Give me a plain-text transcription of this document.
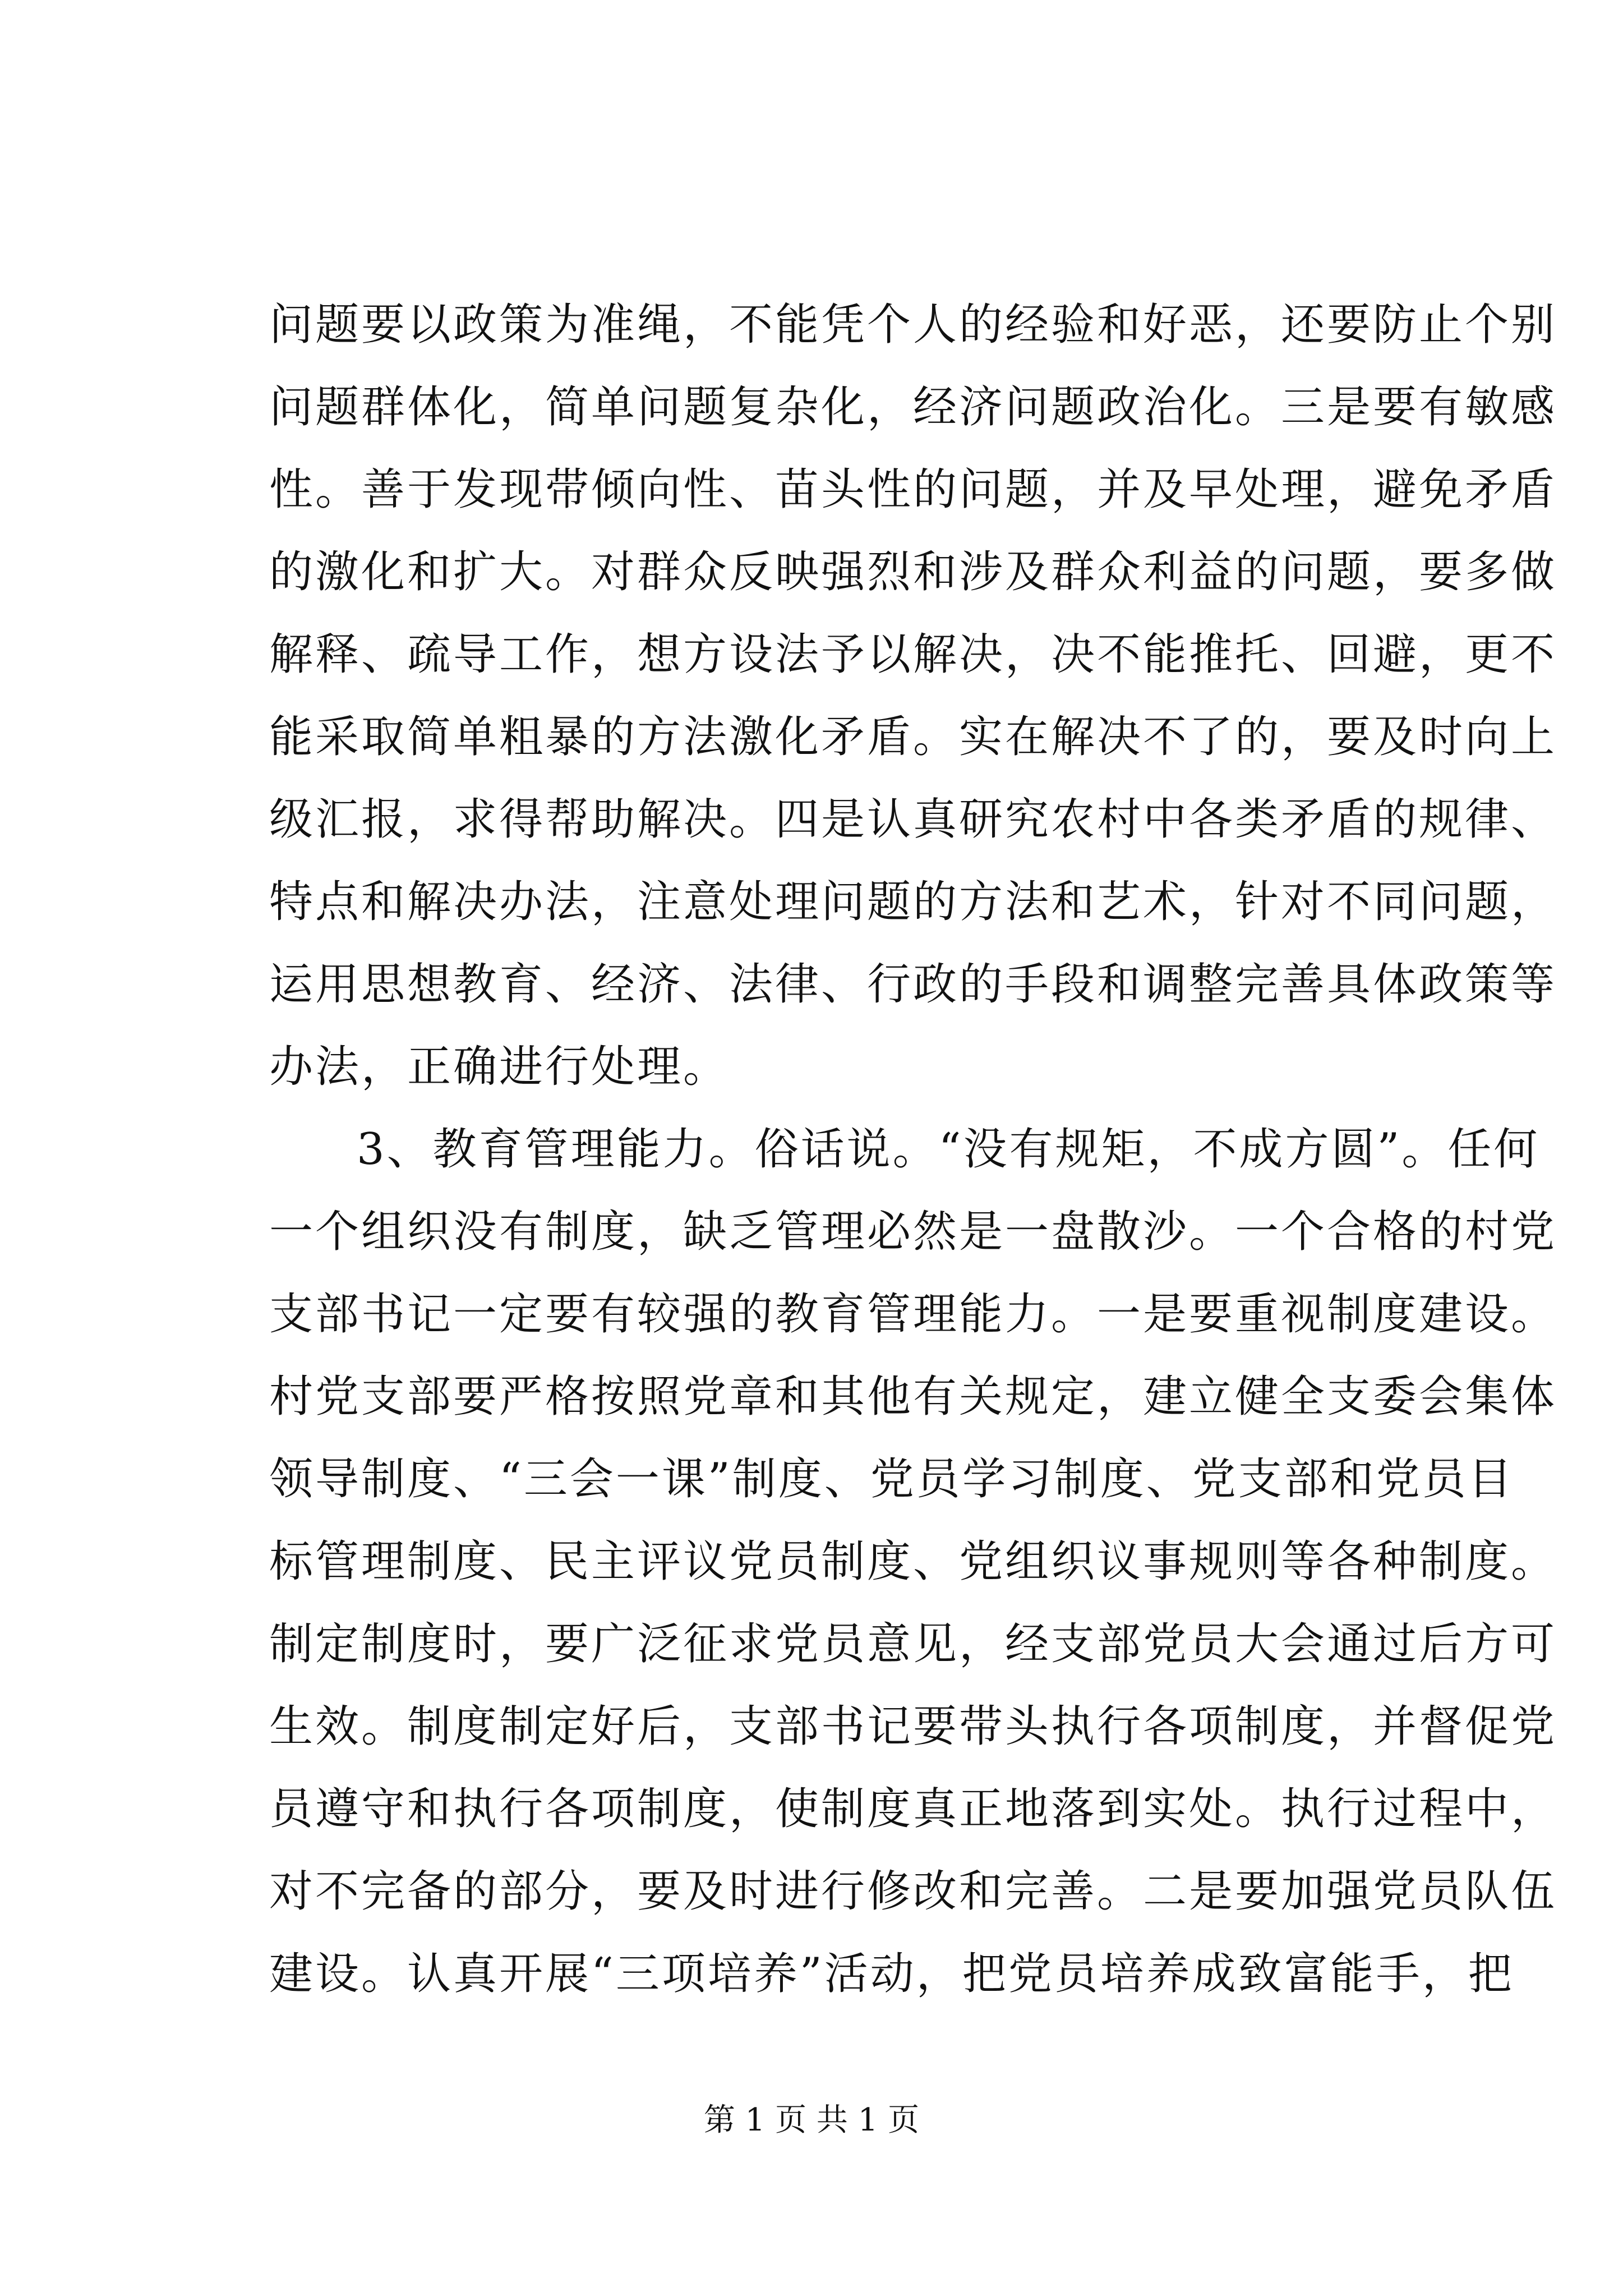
问题要以政策为准绳，不能凭个人的经验和好恶，还要防止个别
问题群体化，简单问题复杂化，经济问题政治化。三是要有敏感
性。善于发现带倾向性、苗头性的问题，并及早处理，避免矛盾
的激化和扩大。对群众反映强烈和涉及群众利益的问题，要多做
解释、疏导工作，想方设法予以解决，决不能推托、回避，更不
能采取简单粗暴的方法激化矛盾。实在解决不了的，要及时向上
级汇报，求得帮助解决。四是认真研究农村中各类矛盾的规律、
特点和解决办法，注意处理问题的方法和艺术，针对不同问题，
运用思想教育、经济、法律、行政的手段和调整完善具体政策等
办法，正确进行处理。
3、教育管理能力。俗话说。“没有规矩，不成方圆”。任何
一个组织没有制度，缺乏管理必然是一盘散沙。一个合格的村党
支部书记一定要有较强的教育管理能力。一是要重视制度建设。
村党支部要严格按照党章和其他有关规定，建立健全支委会集体
领导制度、“三会一课”制度、党员学习制度、党支部和党员目
标管理制度、民主评议党员制度、党组织议事规则等各种制度。
制定制度时，要广泛征求党员意见，经支部党员大会通过后方可
生效。制度制定好后，支部书记要带头执行各项制度，并督促党
员遵守和执行各项制度，使制度真正地落到实处。执行过程中，
对不完备的部分，要及时进行修改和完善。二是要加强党员队伍
建设。认真开展“三项培养”活动，把党员培养成致富能手，把
第 1 页 共 1 页
